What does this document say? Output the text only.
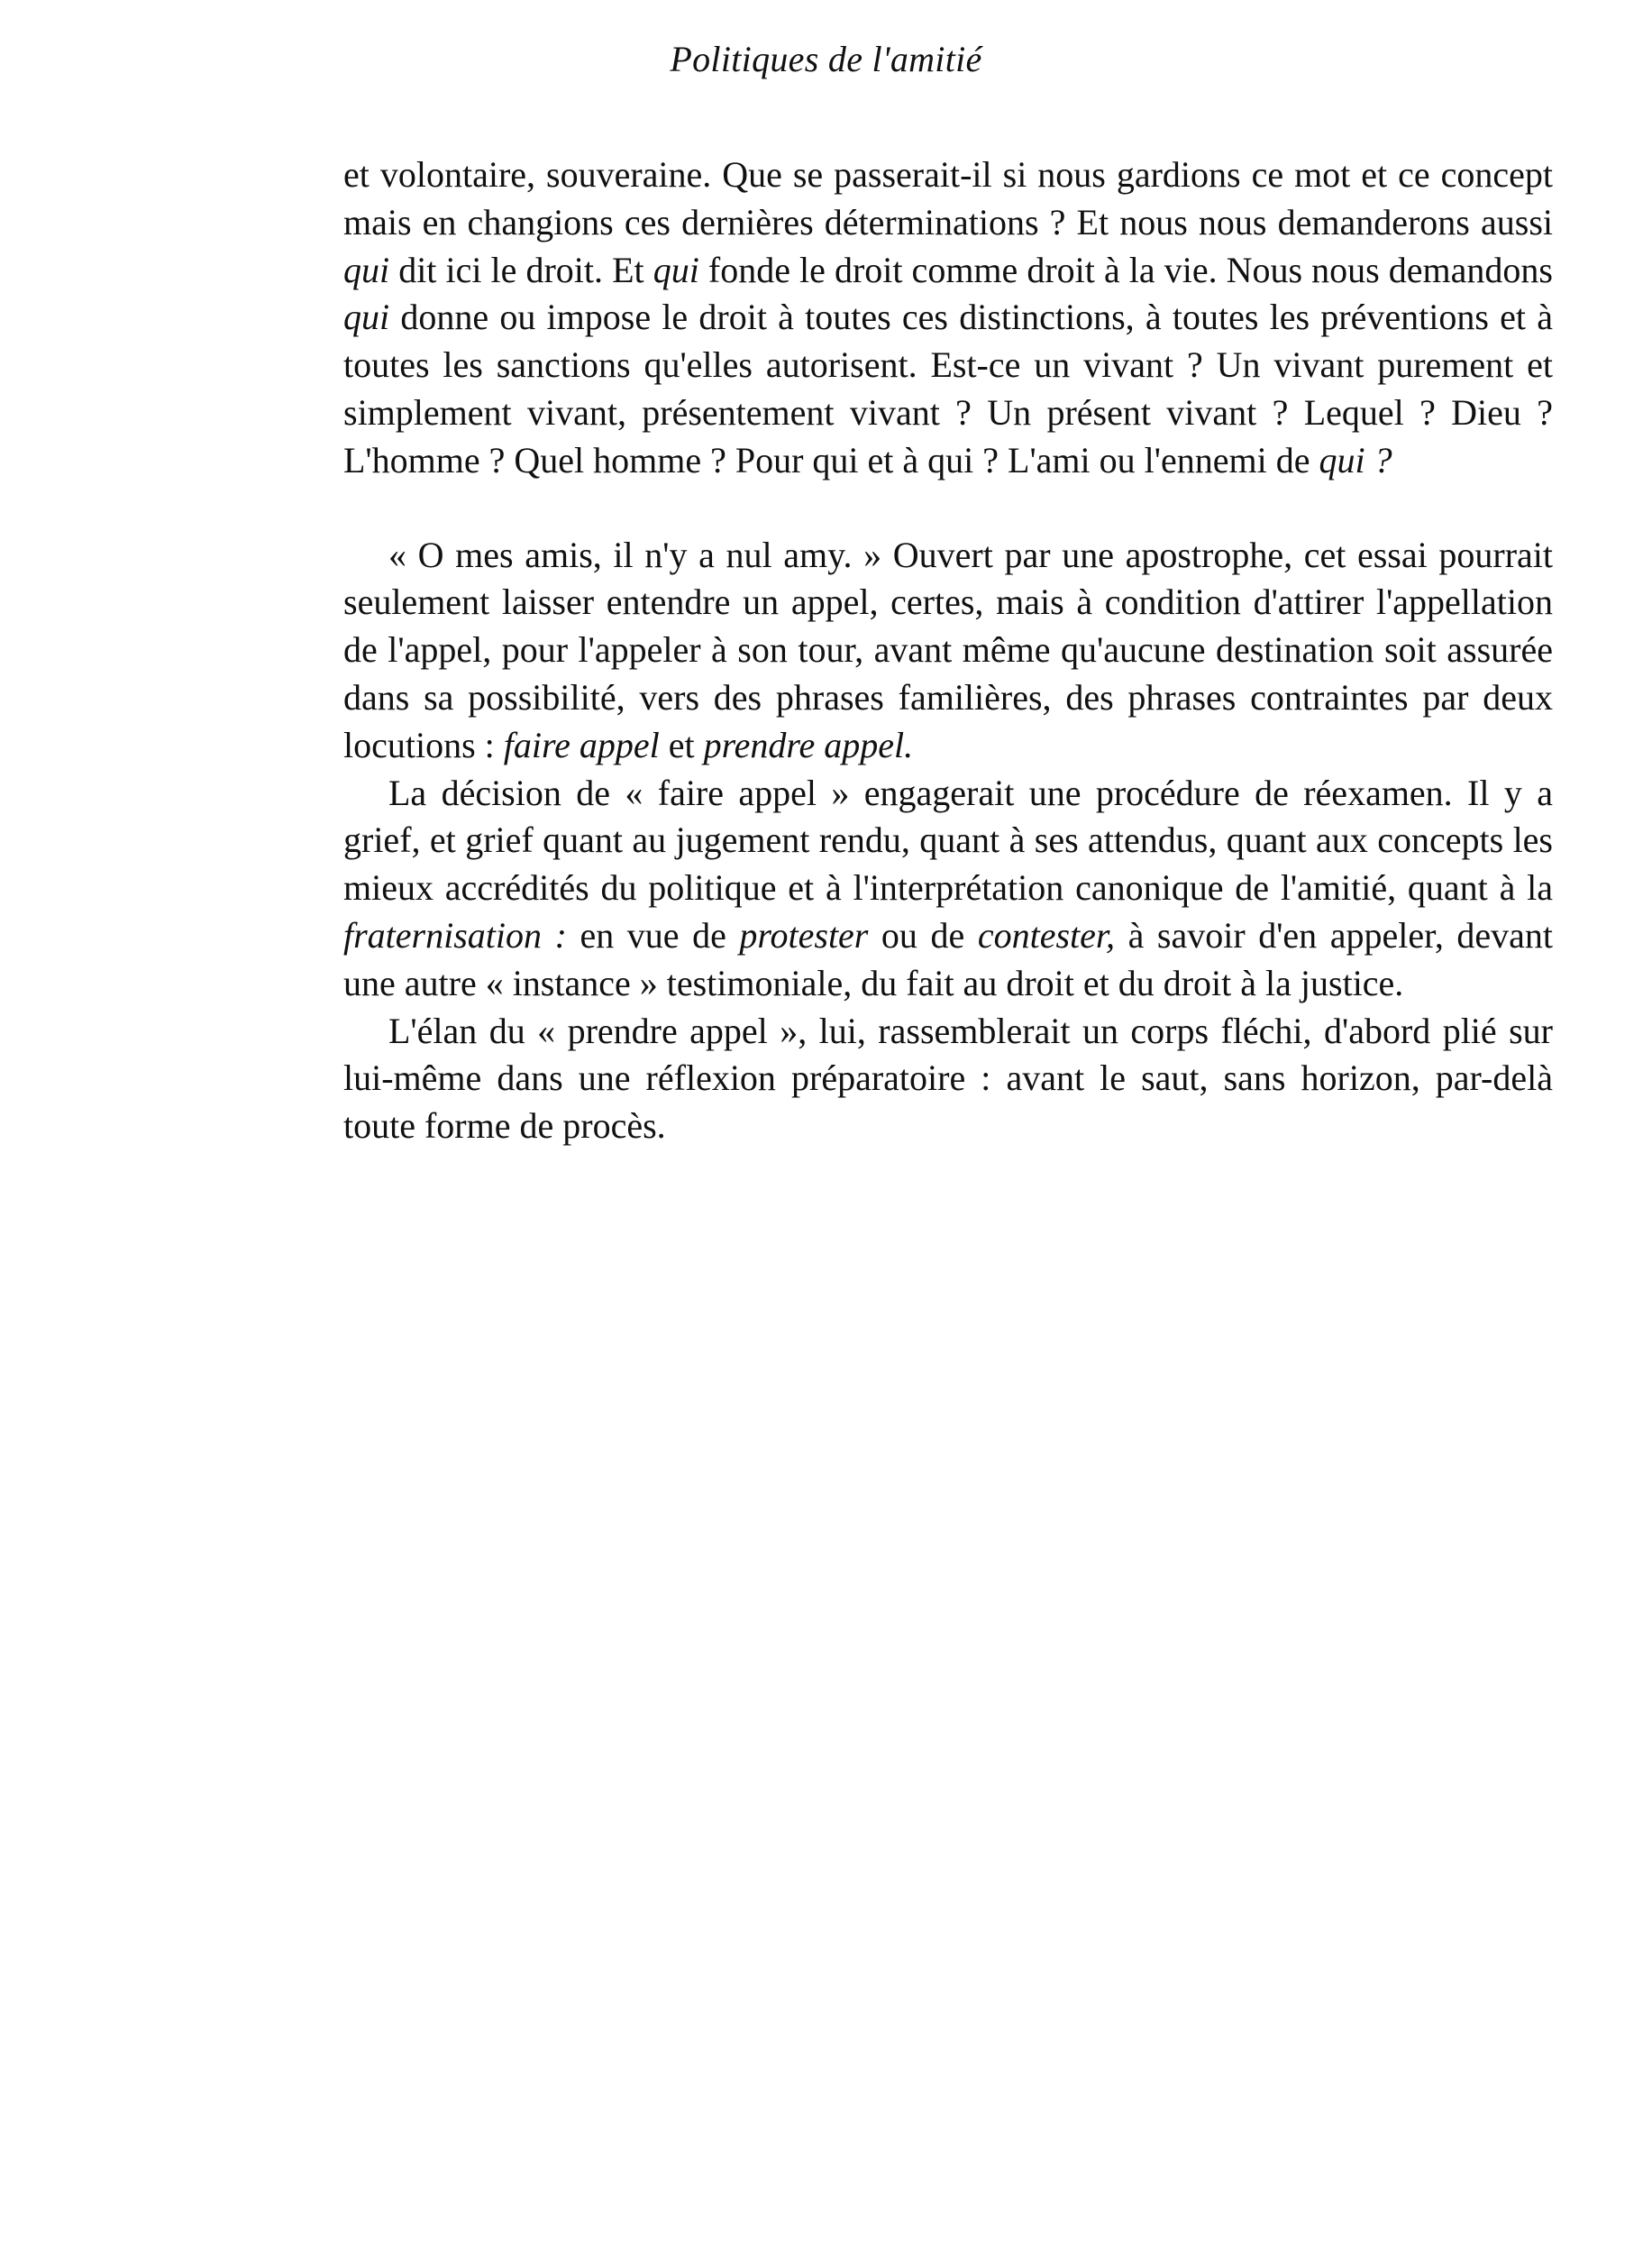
Politiques de l'amitié

et volontaire, souveraine. Que se passerait-il si nous gardions ce mot et ce concept mais en changions ces dernières déterminations ? Et nous nous demanderons aussi qui dit ici le droit. Et qui fonde le droit comme droit à la vie. Nous nous demandons qui donne ou impose le droit à toutes ces distinctions, à toutes les préventions et à toutes les sanctions qu'elles autorisent. Est-ce un vivant ? Un vivant purement et simplement vivant, présentement vivant ? Un présent vivant ? Lequel ? Dieu ? L'homme ? Quel homme ? Pour qui et à qui ? L'ami ou l'ennemi de qui ?

« O mes amis, il n'y a nul amy. » Ouvert par une apostrophe, cet essai pourrait seulement laisser entendre un appel, certes, mais à condition d'attirer l'appellation de l'appel, pour l'appeler à son tour, avant même qu'aucune destination soit assurée dans sa possibilité, vers des phrases familières, des phrases contraintes par deux locutions : faire appel et prendre appel.

La décision de « faire appel » engagerait une procédure de réexamen. Il y a grief, et grief quant au jugement rendu, quant à ses attendus, quant aux concepts les mieux accrédités du politique et à l'interprétation canonique de l'amitié, quant à la fraternisation : en vue de protester ou de contester, à savoir d'en appeler, devant une autre « instance » testimoniale, du fait au droit et du droit à la justice.

L'élan du « prendre appel », lui, rassemblerait un corps fléchi, d'abord plié sur lui-même dans une réflexion préparatoire : avant le saut, sans horizon, par-delà toute forme de procès.
